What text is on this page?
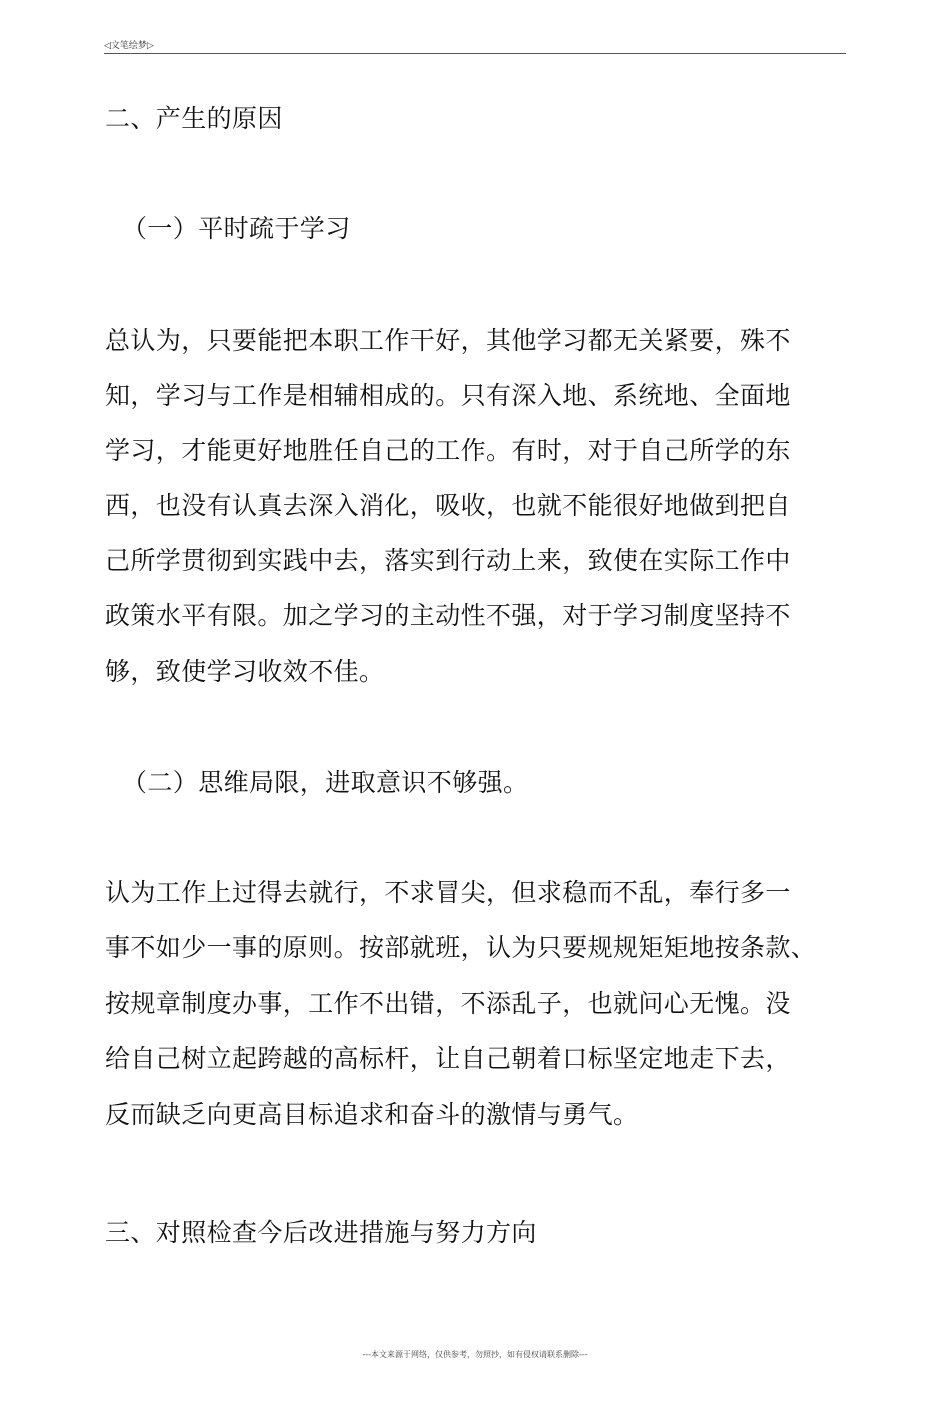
◁文笔绘梦▷
二、产生的原因
（一）平时疏于学习
总认为，只要能把本职工作干好，其他学习都无关紧要，殊不
知，学习与工作是相辅相成的。只有深入地、系统地、全面地
学习，才能更好地胜任自己的工作。有时，对于自己所学的东
西，也没有认真去深入消化，吸收，也就不能很好地做到把自
己所学贯彻到实践中去，落实到行动上来，致使在实际工作中
政策水平有限。加之学习的主动性不强，对于学习制度坚持不
够，致使学习收效不佳。
（二）思维局限，进取意识不够强。
认为工作上过得去就行，不求冒尖，但求稳而不乱，奉行多一
事不如少一事的原则。按部就班，认为只要规规矩矩地按条款、
按规章制度办事，工作不出错，不添乱子，也就问心无愧。没
给自己树立起跨越的高标杆，让自己朝着口标坚定地走下去，
反而缺乏向更高目标追求和奋斗的激情与勇气。
三、对照检查今后改进措施与努力方向
---本文来源于网络，仅供参考，勿照抄，如有侵权请联系删除---
